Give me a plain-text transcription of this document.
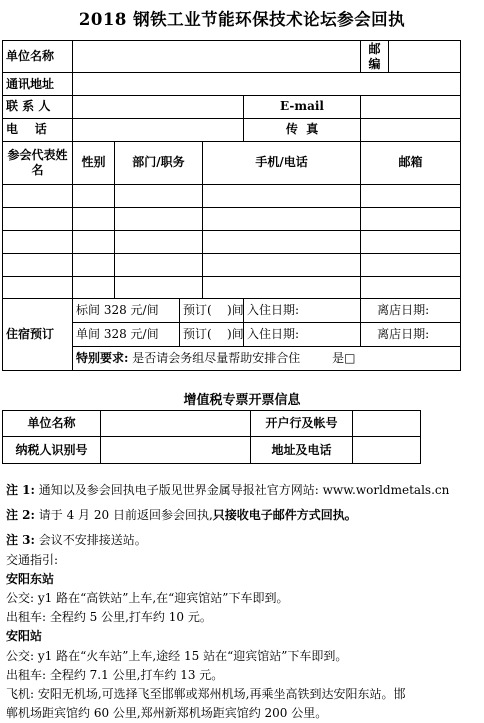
2018 钢铁工业节能环保技术论坛参会回执
单位名称						邮 编	
通讯地址							
联 系 人					E-mail		
电    话					传  真		
参会代表姓名	性别	部门/职务		手机/电话		邮箱	

住宿预订	标间 328 元/间		预订(    )间		入住日期:	离店日期:	
	单间 328 元/间		预订(    )间		入住日期:	离店日期:	
	特别要求: 是否请会务组尽量帮助安排合住 是□						
增值税专票开票信息
单位名称		开户行及帐号	
纳税人识别号		地址及电话	
注 1: 通知以及参会回执电子版见世界金属导报社官方网站: www.worldmetals.cn
注 2: 请于 4 月 20 日前返回参会回执,只接收电子邮件方式回执。
注 3: 会议不安排接送站。
交通指引:
安阳东站
公交: y1 路在“高铁站”上车,在“迎宾馆站”下车即到。
出租车: 全程约 5 公里,打车约 10 元。
安阳站
公交: y1 路在“火车站”上车,途经 15 站在“迎宾馆站”下车即到。
出租车: 全程约 7.1 公里,打车约 13 元。
飞机: 安阳无机场,可选择飞至邯郸或郑州机场,再乘坐高铁到达安阳东站。邯
郸机场距宾馆约 60 公里,郑州新郑机场距宾馆约 200 公里。
